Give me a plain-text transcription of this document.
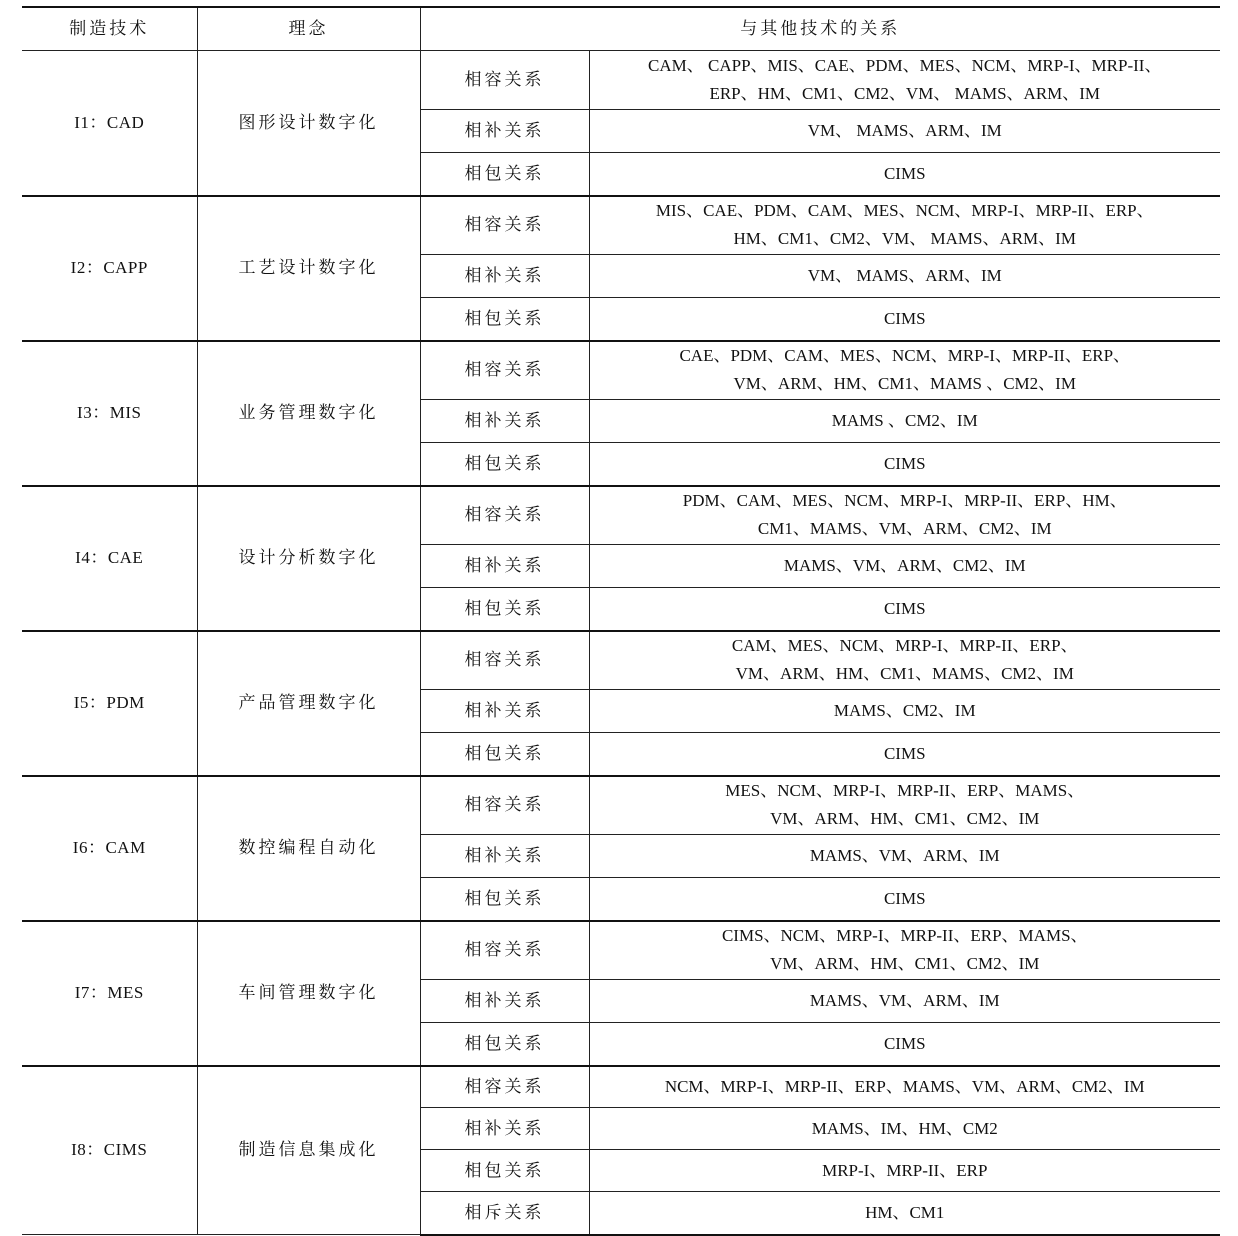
制造技术	理念	与其他技术的关系	
I1：CAD	图形设计数字化	相容关系	CAM、 CAPP、MIS、CAE、PDM、MES、NCM、MRP-I、MRP-II、
ERP、HM、CM1、CM2、VM、 MAMS、ARM、IM
		相补关系	VM、 MAMS、ARM、IM
		相包关系	CIMS
I2：CAPP	工艺设计数字化	相容关系	MIS、CAE、PDM、CAM、MES、NCM、MRP-I、MRP-II、ERP、
HM、CM1、CM2、VM、 MAMS、ARM、IM
		相补关系	VM、 MAMS、ARM、IM
		相包关系	CIMS
I3：MIS	业务管理数字化	相容关系	CAE、PDM、CAM、MES、NCM、MRP-I、MRP-II、ERP、
VM、ARM、HM、CM1、MAMS 、CM2、IM
		相补关系	MAMS 、CM2、IM
		相包关系	CIMS
I4：CAE	设计分析数字化	相容关系	PDM、CAM、MES、NCM、MRP-I、MRP-II、ERP、HM、
CM1、MAMS、VM、ARM、CM2、IM
		相补关系	MAMS、VM、ARM、CM2、IM
		相包关系	CIMS
I5：PDM	产品管理数字化	相容关系	CAM、MES、NCM、MRP-I、MRP-II、ERP、
VM、ARM、HM、CM1、MAMS、CM2、IM
		相补关系	MAMS、CM2、IM
		相包关系	CIMS
I6：CAM	数控编程自动化	相容关系	MES、NCM、MRP-I、MRP-II、ERP、MAMS、
VM、ARM、HM、CM1、CM2、IM
		相补关系	MAMS、VM、ARM、IM
		相包关系	CIMS
I7：MES	车间管理数字化	相容关系	CIMS、NCM、MRP-I、MRP-II、ERP、MAMS、
VM、ARM、HM、CM1、CM2、IM
		相补关系	MAMS、VM、ARM、IM
		相包关系	CIMS
I8：CIMS	制造信息集成化	相容关系	NCM、MRP-I、MRP-II、ERP、MAMS、VM、ARM、CM2、IM
		相补关系	MAMS、IM、HM、CM2
		相包关系	MRP-I、MRP-II、ERP
		相斥关系	HM、CM1
